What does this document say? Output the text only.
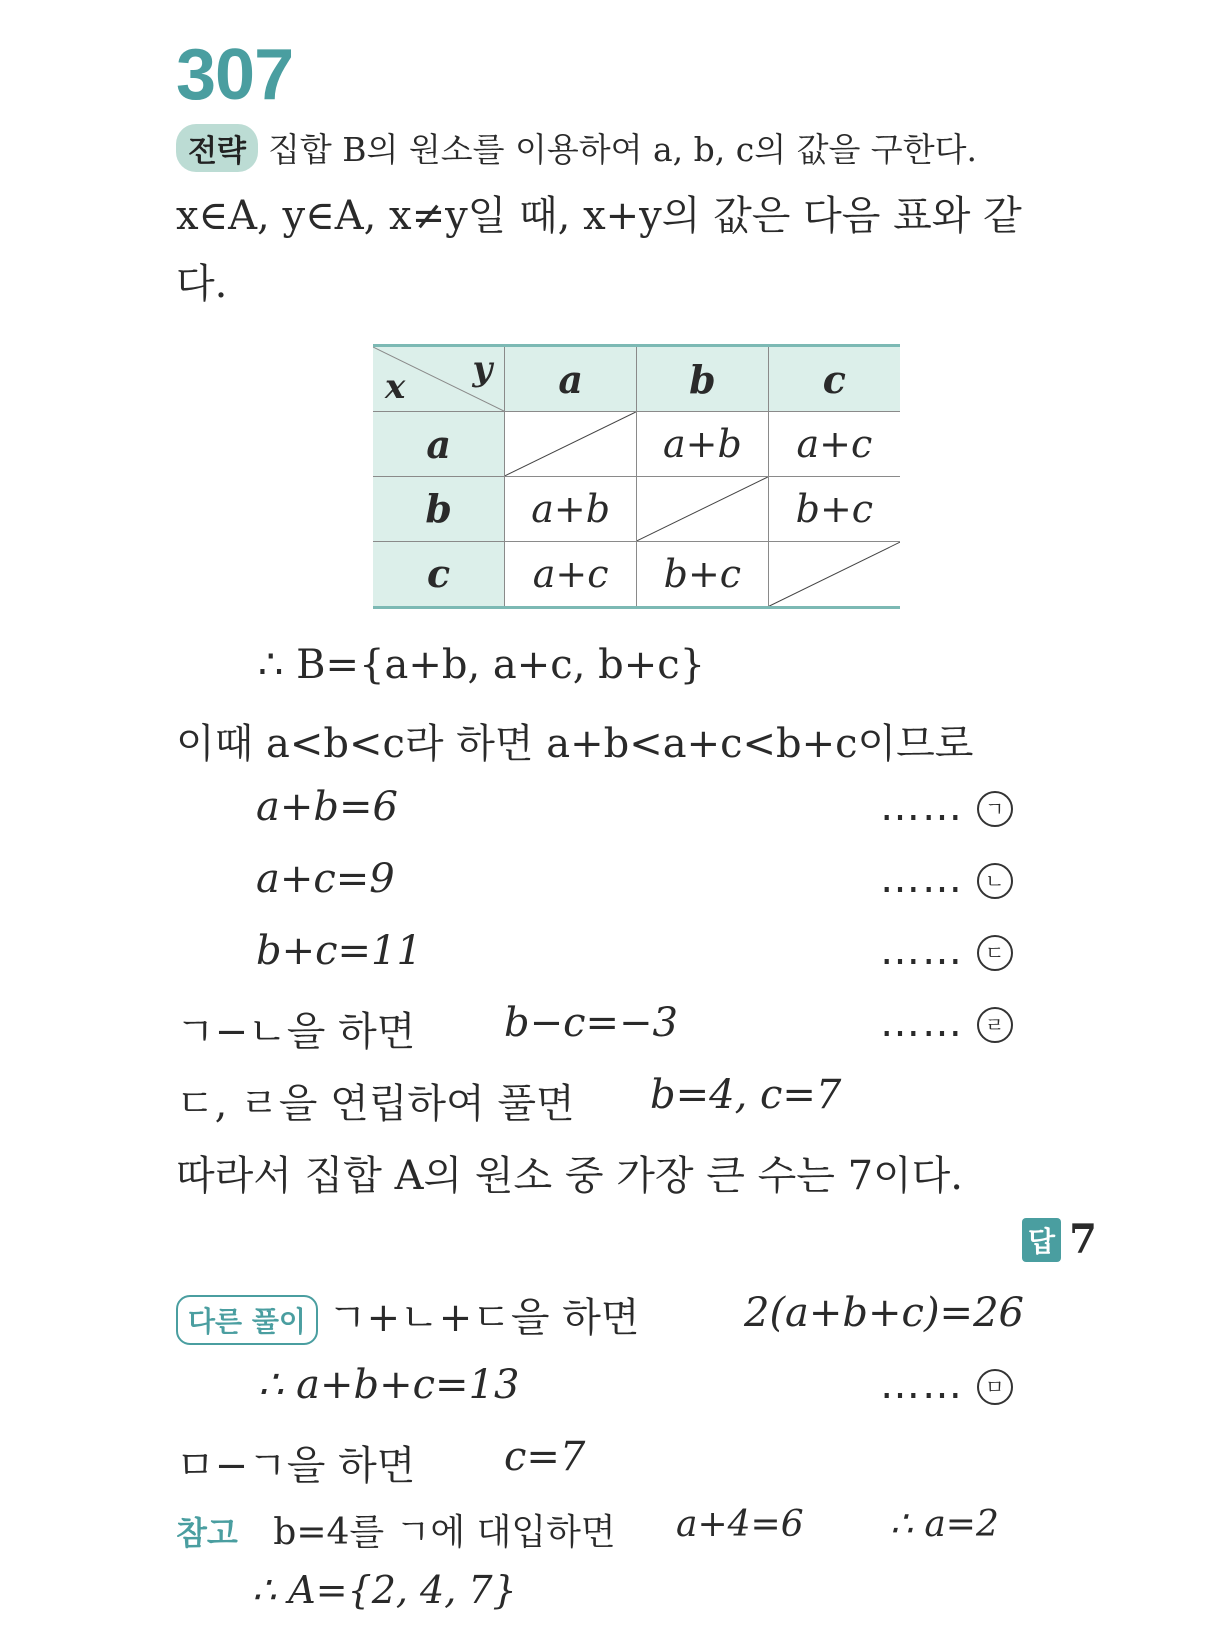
307
전략 집합 B의 원소를 이용하여 a, b, c의 값을 구한다.
x∈A, y∈A, x≠y일 때, x+y의 값은 다음 표와 같
다.
x y	a	b	c
a		a+b	a+c
b	a+b		b+c
c	a+c	b+c	
∴ B={a+b, a+c, b+c}
이때 a<b<c라 하면 a+b<a+c<b+c이므로
a+b=6	…… ㄱ
a+c=9	…… ㄴ
b+c=11	…… ㄷ
ㄱ−ㄴ을 하면 b−c=−3	…… ㄹ
ㄷ, ㄹ을 연립하여 풀면 b=4, c=7
따라서 집합 A의 원소 중 가장 큰 수는 7이다.
답 7
다른 풀이 ㄱ+ㄴ+ㄷ을 하면	2(a+b+c)=26
∴ a+b+c=13	…… ㅁ
ㅁ−ㄱ을 하면 c=7
참고 b=4를 ㄱ에 대입하면 a+4=6 ∴ a=2
∴ A={2, 4, 7}
